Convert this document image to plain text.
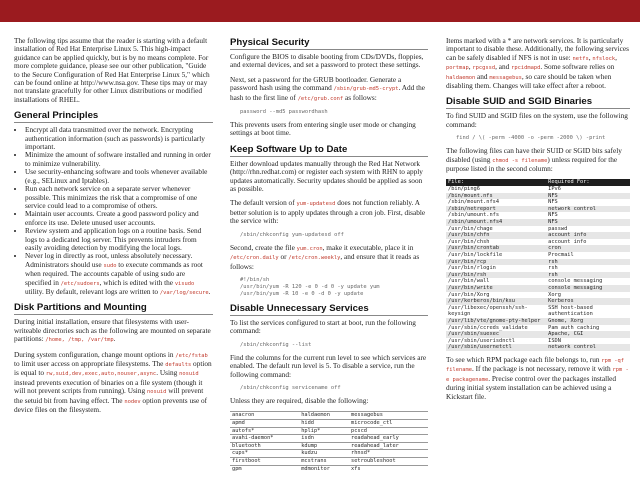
The following tips assume that the reader is starting with a default installation of Red Hat Enterprise Linux 5. This high-impact guidance can be applied quickly, but is by no means complete. For more complete guidance, please see our other publication, "Guide to the Secure Configuration of Red Hat Enterprise Linux 5," which can be found online at http://www.nsa.gov. These tips may or may not translate gracefully for other Linux distributions or modified installations of RHEL.

General Principles
• Encrypt all data transmitted over the network. Encrypting authentication information (such as passwords) is particularly important.
• Minimize the amount of software installed and running in order to minimize vulnerability.
• Use security-enhancing software and tools whenever available (e.g., SELinux and Iptables).
• Run each network service on a separate server whenever possible. This minimizes the risk that a compromise of one service could lead to a compromise of others.
• Maintain user accounts. Create a good password policy and enforce its use. Delete unused user accounts.
• Review system and application logs on a routine basis. Send logs to a dedicated log server. This prevents intruders from easily avoiding detection by modifying the local logs.
• Never log in directly as root, unless absolutely necessary. Administrators should use sudo to execute commands as root when required. The accounts capable of using sudo are specified in /etc/sudoers, which is edited with the visudo utility. By default, relevant logs are written to /var/log/secure.
Disk Partitions and Mounting

During initial installation, ensure that filesystems with user-writeable directories such as the following are mounted on separate partitions: /home, /tmp, /var/tmp.

During system configuration, change mount options in /etc/fstab to limit user access on appropriate filesystems. The defaults option is equal to rw,suid,dev,exec,auto,nouser,async. Using nosuid instead prevents execution of binaries on a file system (though it will not prevent scripts from running). Using nosuid will prevent the setuid bit from having effect. The nodev option prevents use of device files on the filesystem.

Physical Security

Configure the BIOS to disable booting from CDs/DVDs, floppies, and external devices, and set a password to protect these settings.

Next, set a password for the GRUB bootloader. Generate a password hash using the command /sbin/grub-md5-crypt. Add the hash to the first line of /etc/grub.conf as follows:

password --md5 passwordhash

This prevents users from entering single user mode or changing settings at boot time.

Keep Software Up to Date

Either download updates manually through the Red Hat Network (http://rhn.redhat.com) or register each system with RHN to apply updates automatically. Security updates should be applied as soon as possible.

The default version of yum-updatesd does not function reliably. A better solution is to apply updates through a cron job. First, disable the service with:

/sbin/chkconfig yum-updatesd off

Second, create the file yum.cron, make it executable, place it in /etc/cron.daily or /etc/cron.weekly, and ensure that it reads as follows:

#!/bin/sh
/usr/bin/yum -R 120 -e 0 -d 0 -y update yum
/usr/bin/yum -R 10 -e 0 -d 0 -y update
Disable Unnecessary Services

To list the services configured to start at boot, run the following command:

/sbin/chkconfig --list

Find the columns for the current run level to see which services are enabled. The default run level is 5. To disable a service, run the following command:

/sbin/chkconfig servicename off

Unless they are required, disable the following:

anacron	haldaemon	messagebus
apmd	hidd	microcode_ctl
autofs*	hplip*	pcscd
avahi-daemon*	isdn	readahead_early
bluetooth	kdump	readahead_later
cups*	kudzu	rhnsd*
firstboot	mcstrans	setroubleshoot
gpm	mdmonitor	xfs

Items marked with a * are network services. It is particularly important to disable these. Additionally, the following services can be safely disabled if NFS is not in use: netfs, nfslock, portmap, rpcgssd, and rpcidmapd. Some software relies on haldaemon and messagebus, so care should be taken when disabling them. Changes will take effect after a reboot.

Disable SUID and SGID Binaries

To find SUID and SGID files on the system, use the following command:

find / \( -perm -4000 -o -perm -2000 \) -print

The following files can have their SUID or SGID bits safely disabled (using chmod -s filename) unless required for the purpose listed in the second column:

File:	Required For:
/bin/ping6	IPv6
/bin/mount.nfs	NFS
/sbin/mount.nfs4	NFS
/sbin/netreport	network control
/sbin/umount.nfs	NFS
/sbin/umount.nfs4	NFS
/usr/bin/chage	passwd
/usr/bin/chfn	account info
/usr/bin/chsh	account info
/usr/bin/crontab	cron
/usr/bin/lockfile	Procmail
/usr/bin/rcp	rsh
/usr/bin/rlogin	rsh
/usr/bin/rsh	rsh
/usr/bin/wall	console messaging
/usr/bin/write	console messaging
/usr/bin/Xorg	Xorg
/usr/kerberos/bin/ksu	Kerberos
/usr/libexec/openssh/ssh-keysign	SSH host-based authentication
/usr/lib/vte/gnome-pty-helper	Gnome, Xorg
/usr/sbin/ccreds_validate	Pam auth caching
/usr/sbin/suexec	Apache, CGI
/usr/sbin/userisdnctl	ISDN
/usr/sbin/usernetctl	network control

To see which RPM package each file belongs to, run rpm -qf filename. If the package is not necessary, remove it with rpm -e packagename. Precise control over the packages installed during initial system installation can be achieved using a Kickstart file.
